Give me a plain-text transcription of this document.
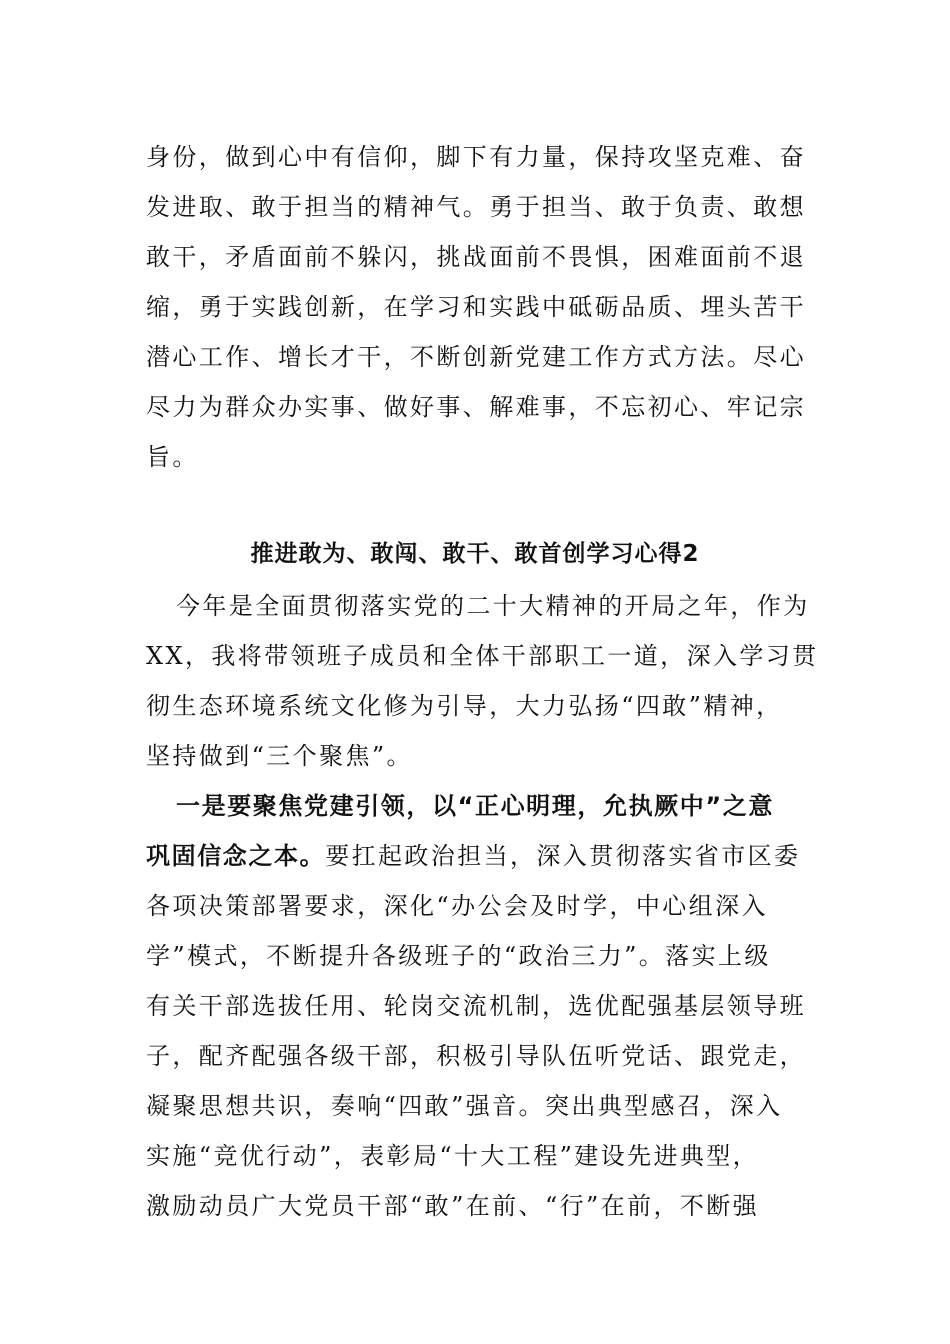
身份，做到心中有信仰，脚下有力量，保持攻坚克难、奋
发进取、敢于担当的精神气。勇于担当、敢于负责、敢想
敢干，矛盾面前不躲闪，挑战面前不畏惧，困难面前不退
缩，勇于实践创新，在学习和实践中砥砺品质、埋头苦干
潜心工作、增长才干，不断创新党建工作方式方法。尽心
尽力为群众办实事、做好事、解难事，不忘初心、牢记宗
旨。
推进敢为、敢闯、敢干、敢首创学习心得2
今年是全面贯彻落实党的二十大精神的开局之年，作为
XX，我将带领班子成员和全体干部职工一道，深入学习贯
彻生态环境系统文化修为引导，大力弘扬“四敢”精神，
坚持做到“三个聚焦”。
一是要聚焦党建引领，以“正心明理，允执厥中”之意
巩固信念之本。要扛起政治担当，深入贯彻落实省市区委
各项决策部署要求，深化“办公会及时学，中心组深入
学”模式，不断提升各级班子的“政治三力”。落实上级
有关干部选拔任用、轮岗交流机制，选优配强基层领导班
子，配齐配强各级干部，积极引导队伍听党话、跟党走，
凝聚思想共识，奏响“四敢”强音。突出典型感召，深入
实施“竞优行动”，表彰局“十大工程”建设先进典型，
激励动员广大党员干部“敢”在前、“行”在前，不断强
